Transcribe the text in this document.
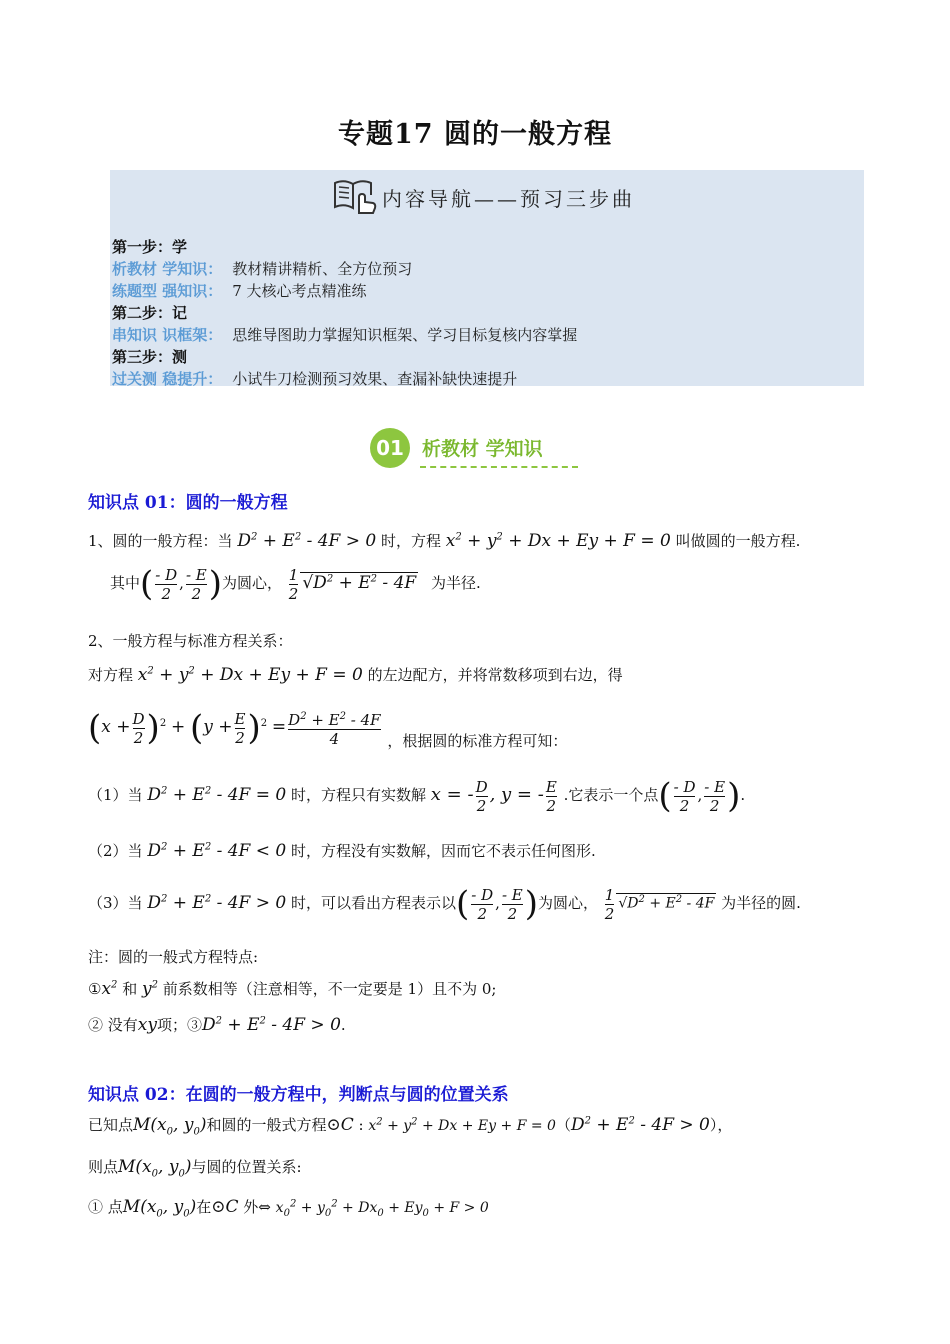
专题17 圆的一般方程
内容导航——预习三步曲
第一步：学
析教材 学知识： 教材精讲精析、全方位预习
练题型 强知识： 7 大核心考点精准练
第二步：记
串知识 识框架： 思维导图助力掌握知识框架、学习目标复核内容掌握
第三步：测
过关测 稳提升： 小试牛刀检测预习效果、查漏补缺快速提升
01 析教材 学知识
知识点 01：圆的一般方程
1、圆的一般方程：当 $D^2 + E^2 - 4F > 0$ 时，方程 $x^2 + y^2 + Dx + Ey + F = 0$ 叫做圆的一般方程.
其中( $\frac{- D}{2}$ , $\frac{- E}{2}$ )为圆心， $\frac{1}{2} √D^2 + E^2 - 4F$ 为半径.
2、一般方程与标准方程关系：
对方程 $x^2 + y^2 + Dx + Ey + F = 0$ 的左边配方，并将常数移项到右边，得
$(x + \frac{D}{2} )^2 + (y + \frac{E}{2} )^2 = \frac{D^2 + E^2 - 4F}{4}$ ，根据圆的标准方程可知：
（1）当 $D^2 + E^2 - 4F = 0$ 时，方程只有实数解 x = - $\frac{D}{2}$ , y = - $\frac{E}{2}$ .它表示一个点( $\frac{- D}{2}$ , $\frac{- E}{2}$ ).
（2）当 $D^2 + E^2 - 4F < 0$ 时，方程没有实数解，因而它不表示任何图形.
（3）当 $D^2 + E^2 - 4F > 0$ 时，可以看出方程表示以( $\frac{- D}{2}$ , $\frac{- E}{2}$ )为圆心， $\frac{1}{2} √D^2 + E^2 - 4F$ 为半径的圆.
注：圆的一般式方程特点:
$①x^2$ 和 $y^2$ 前系数相等（注意相等，不一定要是 1）且不为 0;
② 没有xy项；$③D^2 + E^2 - 4F > 0$.
知识点 02：在圆的一般方程中，判断点与圆的位置关系
已知点$M(x_0$, $y_0$)和圆的一般式方程⊙C : $x^2 + y^2 + Dx + Ey + F = 0(D^2 + E^2 - 4F > 0)$，
则点$M(x_0$, $y_0$)与圆的位置关系:
① 点$M(x_0$, $y_0$)在⊙C 外⇔ $x_0^2 + y_0^2 + Dx_0 + Ey_0 + F > 0$
